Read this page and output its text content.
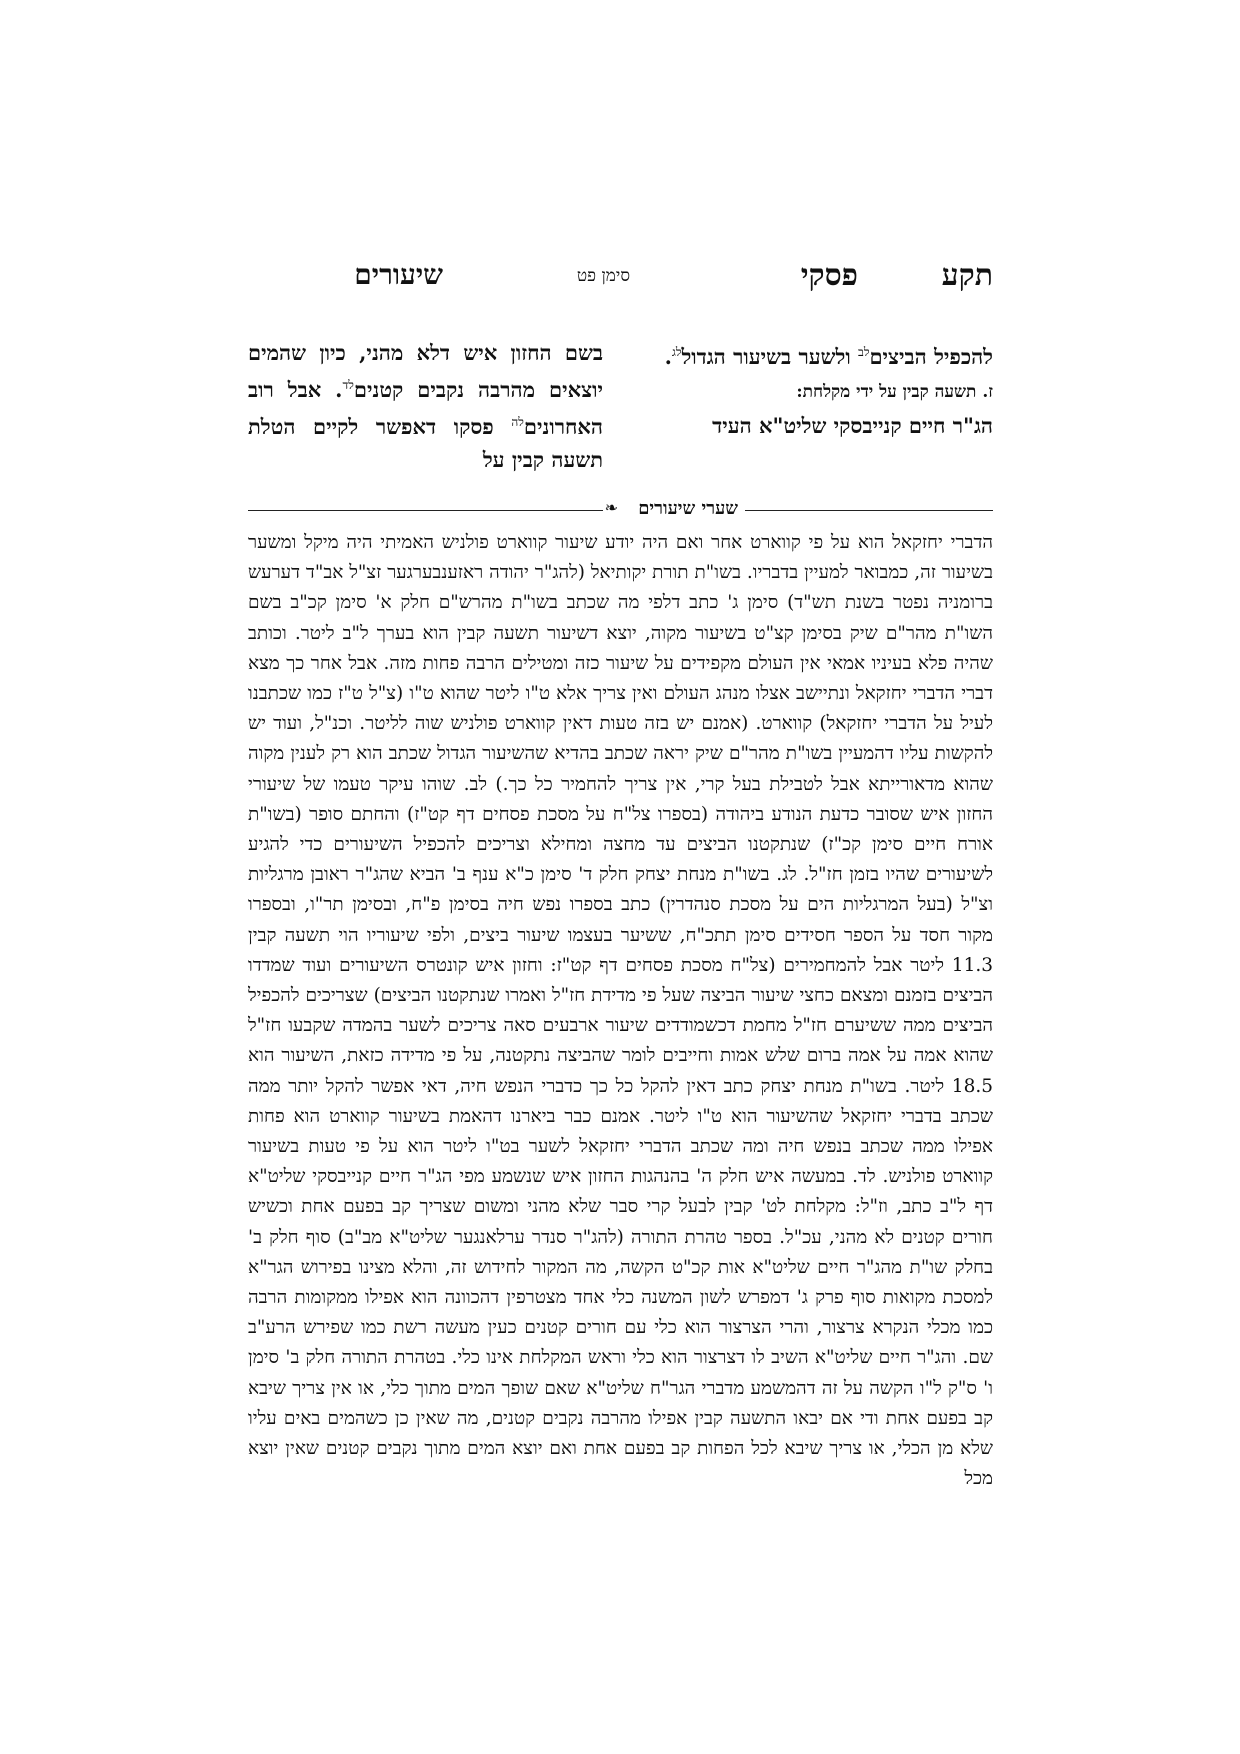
תקע
פסקי
סימן פט
שיעורים

להכפיל הביצים$^{לב}$ ולשער בשיעור הגדול$^{לג}$.

ז. תשעה קבין על ידי מקלחת:

הג"ר חיים קנייבסקי שליט"א העיד

בשם החזון איש דלא מהני, כיון שהמים יוצאים מהרבה נקבים קטנים$^{לד}$. אבל רוב האחרונים$^{לה}$ פסקו דאפשר לקיים הטלת תשעה קבין על

שערי שיעורים
❧

הדברי יחזקאל הוא על פי קווארט אחר ואם היה יודע שיעור קווארט פולניש האמיתי היה מיקל ומשער בשיעור זה, כמבואר למעיין בדבריו. בשו"ת תורת יקותיאל (להג"ר יהודה ראזענבערגער זצ"ל אב"ד דערעש ברומניה נפטר בשנת תש"ד) סימן ג' כתב דלפי מה שכתב בשו"ת מהרש"ם חלק א' סימן קכ"ב בשם השו"ת מהר"ם שיק בסימן קצ"ט בשיעור מקוה, יוצא דשיעור תשעה קבין הוא בערך ל"ב ליטר. וכותב שהיה פלא בעיניו אמאי אין העולם מקפידים על שיעור כזה ומטילים הרבה פחות מזה. אבל אחר כך מצא דברי הדברי יחזקאל ונתיישב אצלו מנהג העולם ואין צריך אלא ט"ו ליטר שהוא ט"ו (צ"ל ט"ז כמו שכתבנו לעיל על הדברי יחזקאל) קווארט. (אמנם יש בזה טעות דאין קווארט פולניש שוה לליטר. וכנ"ל, ועוד יש להקשות עליו דהמעיין בשו"ת מהר"ם שיק יראה שכתב בהדיא שהשיעור הגדול שכתב הוא רק לענין מקוה שהוא מדאורייתא אבל לטבילת בעל קרי, אין צריך להחמיר כל כך.) לב. שוהו עיקר טעמו של שיעורי החזון איש שסובר כדעת הנודע ביהודה (בספרו צל"ח על מסכת פסחים דף קט"ז) והחתם סופר (בשו"ת אורח חיים סימן קכ"ז) שנתקטנו הביצים עד מחצה ומחילא וצריכים להכפיל השיעורים כדי להגיע לשיעורים שהיו בזמן חז"ל. לג. בשו"ת מנחת יצחק חלק ד' סימן כ"א ענף ב' הביא שהג"ר ראובן מרגליות וצ"ל (בעל המרגליות הים על מסכת סנהדרין) כתב בספרו נפש חיה בסימן פ"ח, ובסימן תר"ו, ובספרו מקור חסד על הספר חסידים סימן תתכ"ח, ששיער בעצמו שיעור ביצים, ולפי שיעוריו הוי תשעה קבין 11.3 ליטר אבל להמחמירים (צל"ח מסכת פסחים דף קט"ז: וחזון איש קונטרס השיעורים ועוד שמדדו הביצים בזמנם ומצאם כחצי שיעור הביצה שעל פי מדידת חז"ל ואמרו שנתקטנו הביצים) שצריכים להכפיל הביצים ממה ששיערם חז"ל מחמת דכשמודדים שיעור ארבעים סאה צריכים לשער בהמדה שקבעו חז"ל שהוא אמה על אמה ברום שלש אמות וחייבים לומר שהביצה נתקטנה, על פי מדידה כזאת, השיעור הוא 18.5 ליטר. בשו"ת מנחת יצחק כתב דאין להקל כל כך כדברי הנפש חיה, דאי אפשר להקל יותר ממה שכתב בדברי יחזקאל שהשיעור הוא ט"ו ליטר. אמנם כבר ביארנו דהאמת בשיעור קווארט הוא פחות אפילו ממה שכתב בנפש חיה ומה שכתב הדברי יחזקאל לשער בט"ו ליטר הוא על פי טעות בשיעור קווארט פולניש. לד. במעשה איש חלק ה' בהנהגות החזון איש שנשמע מפי הג"ר חיים קנייבסקי שליט"א דף ל"ב כתב, וז"ל: מקלחת לט' קבין לבעל קרי סבר שלא מהני ומשום שצריך קב בפעם אחת וכשיש חורים קטנים לא מהני, עכ"ל. בספר טהרת התורה (להג"ר סנדר ערלאנגער שליט"א מב"ב) סוף חלק ב' בחלק שו"ת מהג"ר חיים שליט"א אות קכ"ט הקשה, מה המקור לחידוש זה, והלא מצינו בפירוש הגר"א למסכת מקואות סוף פרק ג' דמפרש לשון המשנה כלי אחד מצטרפין דהכוונה הוא אפילו ממקומות הרבה כמו מכלי הנקרא צרצור, והרי הצרצור הוא כלי עם חורים קטנים כעין מעשה רשת כמו שפירש הרע"ב שם. והג"ר חיים שליט"א השיב לו דצרצור הוא כלי וראש המקלחת אינו כלי. בטהרת התורה חלק ב' סימן ו' ס"ק ל"ו הקשה על זה דהמשמע מדברי הגר"ח שליט"א שאם שופך המים מתוך כלי, או אין צריך שיבא קב בפעם אחת ודי אם יבאו התשעה קבין אפילו מהרבה נקבים קטנים, מה שאין כן כשהמים באים עליו שלא מן הכלי, או צריך שיבא לכל הפחות קב בפעם אחת ואם יוצא המים מתוך נקבים קטנים שאין יוצא מכל
